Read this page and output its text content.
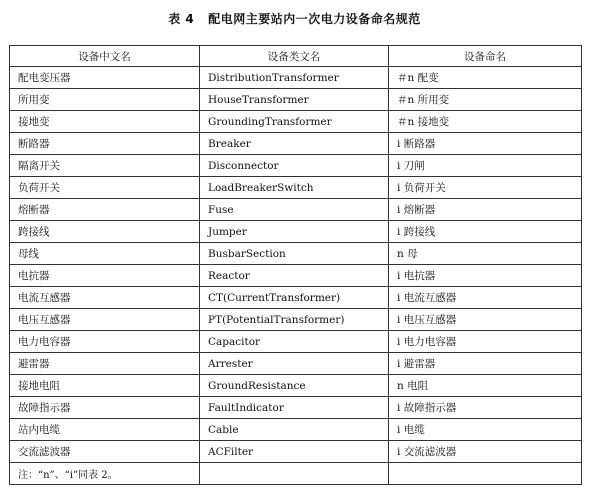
表 4 配电网主要站内一次电力设备命名规范
设备中文名	设备类文名	设备命名
配电变压器	DistributionTransformer	＃n 配变
所用变	HouseTransformer	＃n 所用变
接地变	GroundingTransformer	＃n 接地变
断路器	Breaker	i 断路器
隔离开关	Disconnector	i 刀闸
负荷开关	LoadBreakerSwitch	i 负荷开关
熔断器	Fuse	i 熔断器
跨接线	Jumper	i 跨接线
母线	BusbarSection	n 母
电抗器	Reactor	i 电抗器
电流互感器	CT(CurrentTransformer)	i 电流互感器
电压互感器	PT(PotentialTransformer)	i 电压互感器
电力电容器	Capacitor	i 电力电容器
避雷器	Arrester	i 避雷器
接地电阻	GroundResistance	n 电阻
故障指示器	FaultIndicator	i 故障指示器
站内电缆	Cable	i 电缆
交流滤波器	ACFilter	i 交流滤波器
注：“n”、“i”同表 2。		
